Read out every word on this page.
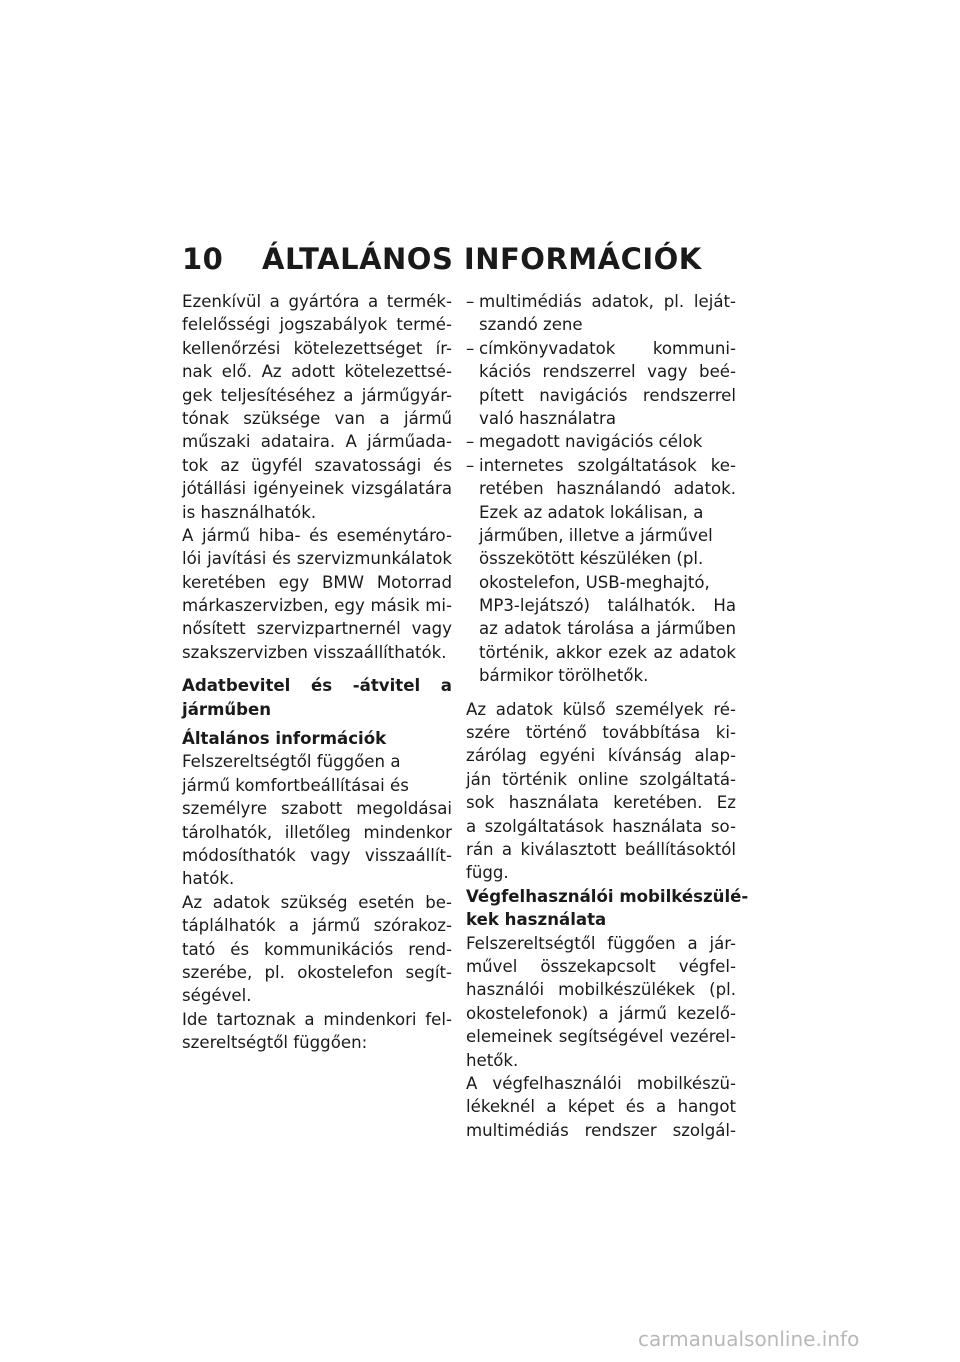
10 ÁLTALÁNOS INFORMÁCIÓK
Ezenkívül a gyártóra a termék-
felelősségi jogszabályok termé-
kellenőrzési kötelezettséget ír-
nak elő. Az adott kötelezettsé-
gek teljesítéséhez a járműgyár-
tónak szüksége van a jármű
műszaki adataira. A járműada-
tok az ügyfél szavatossági és
jótállási igényeinek vizsgálatára
is használhatók.
A jármű hiba- és eseménytáro-
lói javítási és szervizmunkálatok
keretében egy BMW Motorrad
márkaszervizben, egy másik mi-
nősített szervizpartnernél vagy
szakszervizben visszaállíthatók.
Adatbevitel és -átvitel a
járműben
Általános információk
Felszereltségtől függően a
jármű komfortbeállításai és
személyre szabott megoldásai
tárolhatók, illetőleg mindenkor
módosíthatók vagy visszaállít-
hatók.
Az adatok szükség esetén be-
táplálhatók a jármű szórakoz-
tató és kommunikációs rend-
szerébe, pl. okostelefon segít-
ségével.
Ide tartoznak a mindenkori fel-
szereltségtől függően:
– multimédiás adatok, pl. leját-
szandó zene
– címkönyvadatok kommuni-
kációs rendszerrel vagy beé-
pített navigációs rendszerrel
való használatra
– megadott navigációs célok
– internetes szolgáltatások ke-
retében használandó adatok.
Ezek az adatok lokálisan, a
járműben, illetve a járművel
összekötött készüléken (pl.
okostelefon, USB-meghajtó,
MP3-lejátszó) találhatók. Ha
az adatok tárolása a járműben
történik, akkor ezek az adatok
bármikor törölhetők.
Az adatok külső személyek ré-
szére történő továbbítása ki-
zárólag egyéni kívánság alap-
ján történik online szolgáltatá-
sok használata keretében. Ez
a szolgáltatások használata so-
rán a kiválasztott beállításoktól
függ.
Végfelhasználói mobilkészülé-
kek használata
Felszereltségtől függően a jár-
művel összekapcsolt végfel-
használói mobilkészülékek (pl.
okostelefonok) a jármű kezelő-
elemeinek segítségével vezérel-
hetők.
A végfelhasználói mobilkészü-
lékeknél a képet és a hangot
multimédiás rendszer szolgál-
carmanualsonline.info
